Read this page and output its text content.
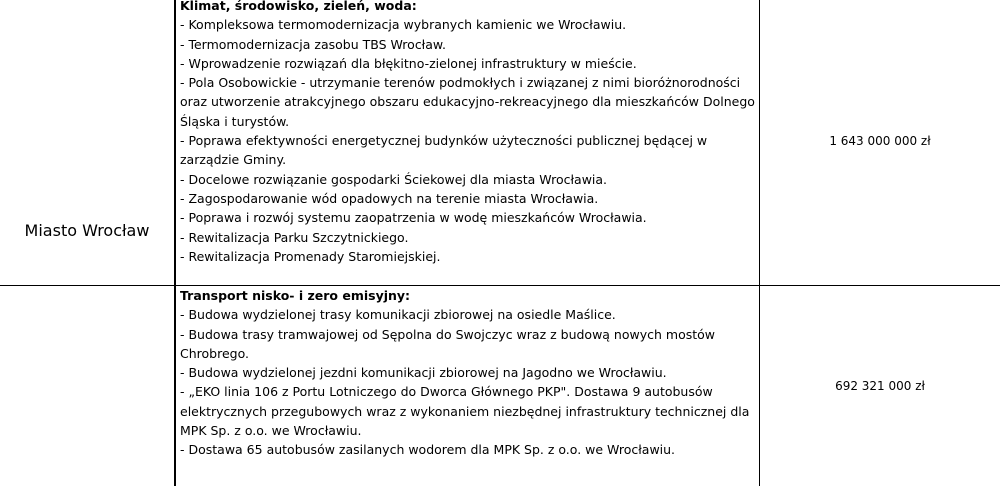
Miasto Wrocław
Klimat, środowisko, zieleń, woda:
- Kompleksowa termomodernizacja wybranych kamienic we Wrocławiu.
- Termomodernizacja zasobu TBS Wrocław.
- Wprowadzenie rozwiązań dla błękitno-zielonej infrastruktury w mieście.
- Pola Osobowickie - utrzymanie terenów podmokłych i związanej z nimi bioróżnorodności oraz utworzenie atrakcyjnego obszaru edukacyjno-rekreacyjnego dla mieszkańców Dolnego Śląska i turystów.
- Poprawa efektywności energetycznej budynków użyteczności publicznej będącej w zarządzie Gminy.
- Docelowe rozwiązanie gospodarki Ściekowej dla miasta Wrocławia.
- Zagospodarowanie wód opadowych na terenie miasta Wrocławia.
- Poprawa i rozwój systemu zaopatrzenia w wodę mieszkańców Wrocławia.
- Rewitalizacja Parku Szczytnickiego.
- Rewitalizacja Promenady Staromiejskiej.
1 643 000 000 zł
Transport nisko- i zero emisyjny:
- Budowa wydzielonej trasy komunikacji zbiorowej na osiedle Maślice.
- Budowa trasy tramwajowej od Sępolna do Swojczyc wraz z budową nowych mostów Chrobrego.
- Budowa wydzielonej jezdni komunikacji zbiorowej na Jagodno we Wrocławiu.
- „EKO linia 106 z Portu Lotniczego do Dworca Głównego PKP". Dostawa 9 autobusów elektrycznych przegubowych wraz z wykonaniem niezbędnej infrastruktury technicznej dla MPK Sp. z o.o. we Wrocławiu.
- Dostawa 65 autobusów zasilanych wodorem dla MPK Sp. z o.o. we Wrocławiu.
692 321 000 zł
